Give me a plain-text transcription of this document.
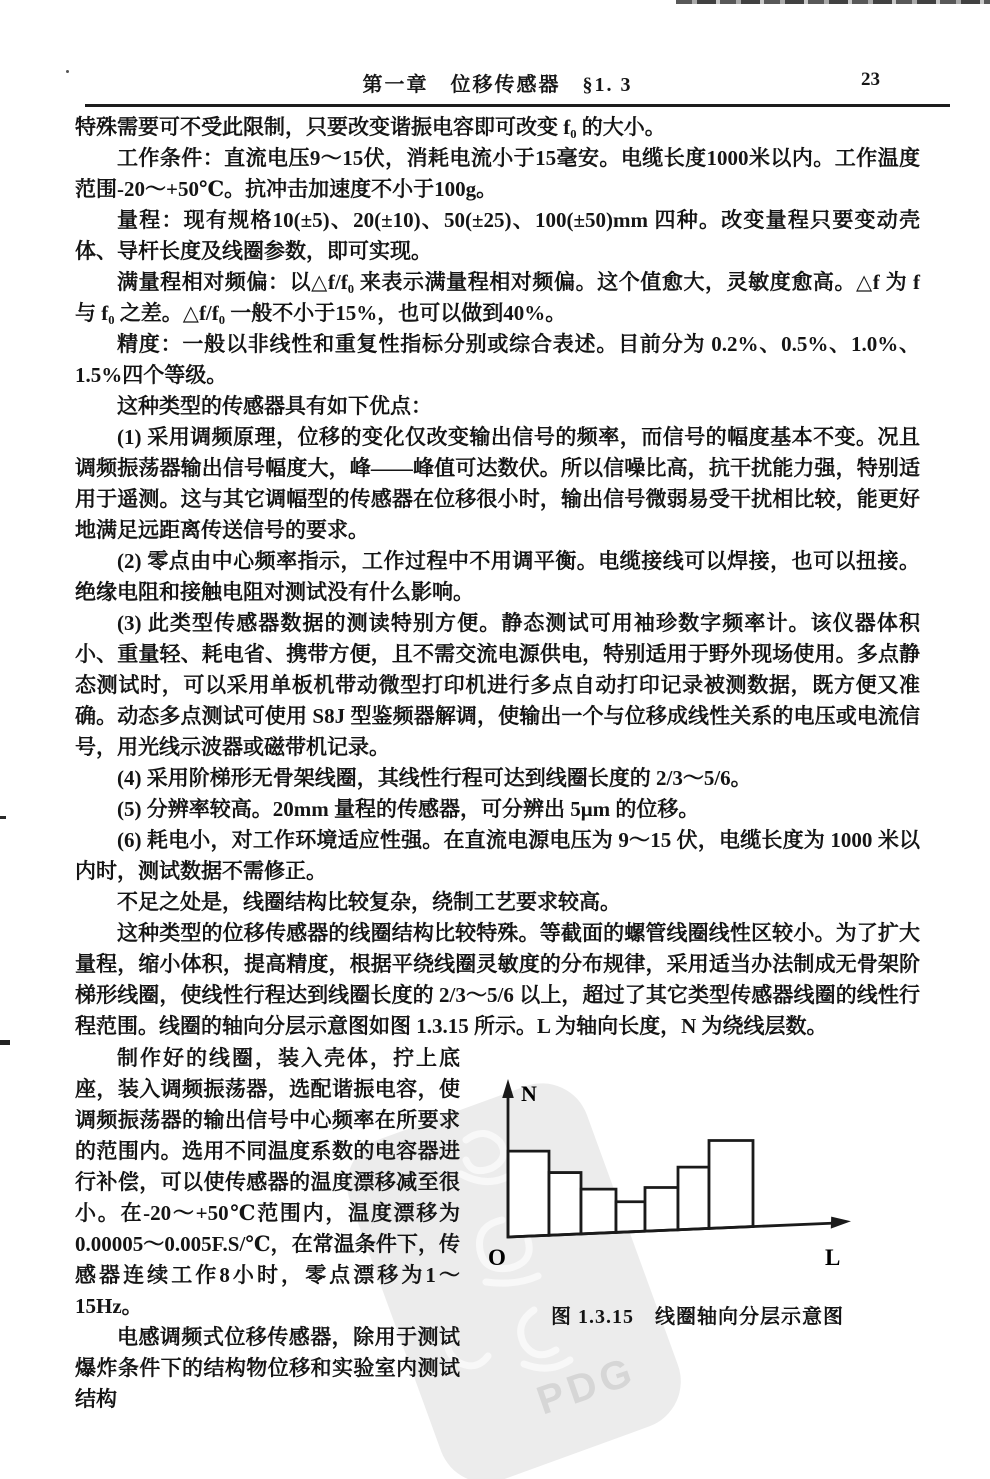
PDG
第一章　位移传感器　§1. 3	23

特殊需要可不受此限制，只要改变谐振电容即可改变 f₀ 的大小。

工作条件：直流电压9～15伏，消耗电流小于15毫安。电缆长度1000米以内。工作温度范围-20～+50℃。抗冲击加速度不小于100g。

量程：现有规格10(±5)、20(±10)、50(±25)、100(±50)mm 四种。改变量程只要变动壳体、导杆长度及线圈参数，即可实现。

满量程相对频偏：以△f/f₀ 来表示满量程相对频偏。这个值愈大，灵敏度愈高。△f 为 f 与 f₀ 之差。△f/f₀ 一般不小于15%，也可以做到40%。

精度：一般以非线性和重复性指标分别或综合表述。目前分为 0.2%、0.5%、1.0%、1.5%四个等级。

这种类型的传感器具有如下优点：

(1) 采用调频原理，位移的变化仅改变输出信号的频率，而信号的幅度基本不变。况且调频振荡器输出信号幅度大，峰——峰值可达数伏。所以信噪比高，抗干扰能力强，特别适用于遥测。这与其它调幅型的传感器在位移很小时，输出信号微弱易受干扰相比较，能更好地满足远距离传送信号的要求。

(2) 零点由中心频率指示，工作过程中不用调平衡。电缆接线可以焊接，也可以扭接。绝缘电阻和接触电阻对测试没有什么影响。

(3) 此类型传感器数据的测读特别方便。静态测试可用袖珍数字频率计。该仪器体积小、重量轻、耗电省、携带方便，且不需交流电源供电，特别适用于野外现场使用。多点静态测试时，可以采用单板机带动微型打印机进行多点自动打印记录被测数据，既方便又准确。动态多点测试可使用 S8J 型鉴频器解调，使输出一个与位移成线性关系的电压或电流信号，用光线示波器或磁带机记录。

(4) 采用阶梯形无骨架线圈，其线性行程可达到线圈长度的 2/3～5/6。

(5) 分辨率较高。20mm 量程的传感器，可分辨出 5μm 的位移。

(6) 耗电小，对工作环境适应性强。在直流电源电压为 9～15 伏，电缆长度为 1000 米以内时，测试数据不需修正。

不足之处是，线圈结构比较复杂，绕制工艺要求较高。

这种类型的位移传感器的线圈结构比较特殊。等截面的螺管线圈线性区较小。为了扩大量程，缩小体积，提高精度，根据平绕线圈灵敏度的分布规律，采用适当办法制成无骨架阶梯形线圈，使线性行程达到线圈长度的 2/3～5/6 以上，超过了其它类型传感器线圈的线性行程范围。线圈的轴向分层示意图如图 1.3.15 所示。L 为轴向长度，N 为绕线层数。

制作好的线圈，装入壳体，拧上底座，装入调频振荡器，选配谐振电容，使调频振荡器的输出信号中心频率在所要求的范围内。选用不同温度系数的电容器进行补偿，可以使传感器的温度漂移减至很小。在-20～+50℃范围内，温度漂移为0.00005～0.005F.S/℃，在常温条件下，传感器连续工作8小时，零点漂移为1～15Hz。

电感调频式位移传感器，除用于测试爆炸条件下的结构物位移和实验室内测试结构

N
O	L
图 1.3.15　线圈轴向分层示意图
